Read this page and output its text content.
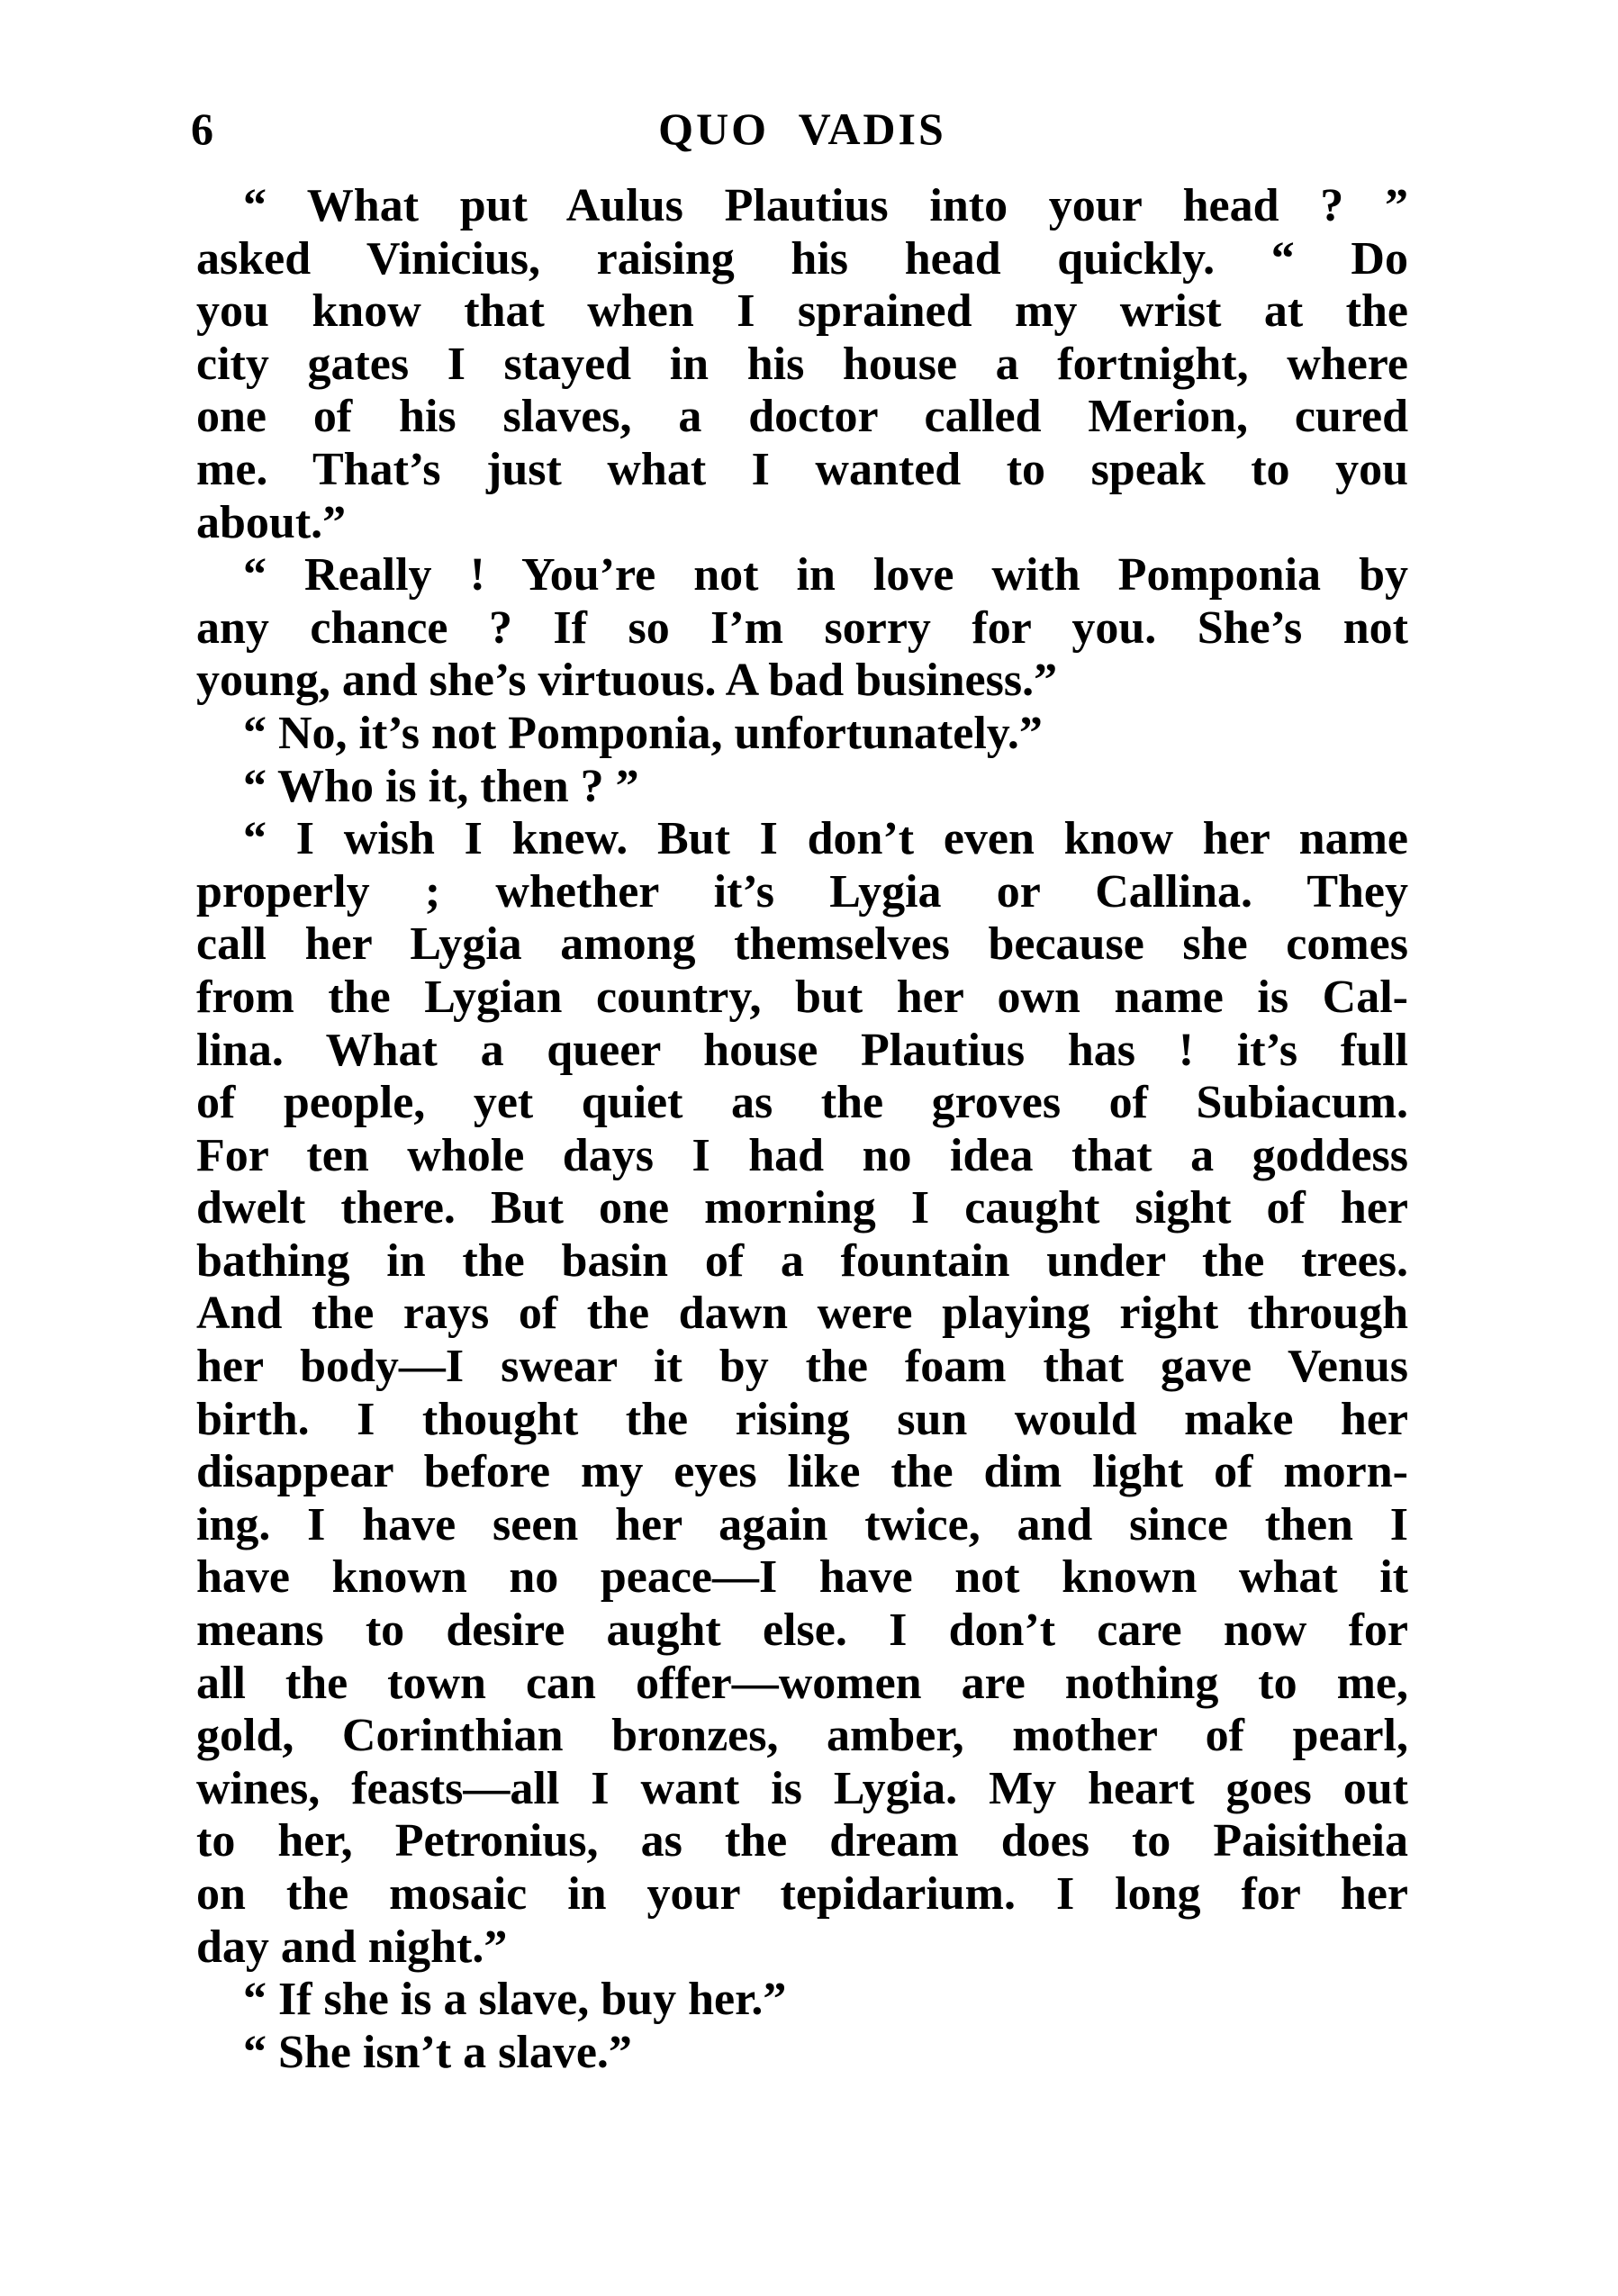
6	QUO VADIS
“ What put Aulus Plautius into your head ? ”
asked Vinicius, raising his head quickly. “ Do
you know that when I sprained my wrist at the
city gates I stayed in his house a fortnight, where
one of his slaves, a doctor called Merion, cured
me. That’s just what I wanted to speak to you
about.”
“ Really ! You’re not in love with Pomponia by
any chance ? If so I’m sorry for you. She’s not
young, and she’s virtuous. A bad business.”
“ No, it’s not Pomponia, unfortunately.”
“ Who is it, then ? ”
“ I wish I knew. But I don’t even know her name
properly ; whether it’s Lygia or Callina. They
call her Lygia among themselves because she comes
from the Lygian country, but her own name is Cal-
lina. What a queer house Plautius has ! it’s full
of people, yet quiet as the groves of Subiacum.
For ten whole days I had no idea that a goddess
dwelt there. But one morning I caught sight of her
bathing in the basin of a fountain under the trees.
And the rays of the dawn were playing right through
her body—I swear it by the foam that gave Venus
birth. I thought the rising sun would make her
disappear before my eyes like the dim light of morn-
ing. I have seen her again twice, and since then I
have known no peace—I have not known what it
means to desire aught else. I don’t care now for
all the town can offer—women are nothing to me,
gold, Corinthian bronzes, amber, mother of pearl,
wines, feasts—all I want is Lygia. My heart goes out
to her, Petronius, as the dream does to Paisitheia
on the mosaic in your tepidarium. I long for her
day and night.”
“ If she is a slave, buy her.”
“ She isn’t a slave.”
